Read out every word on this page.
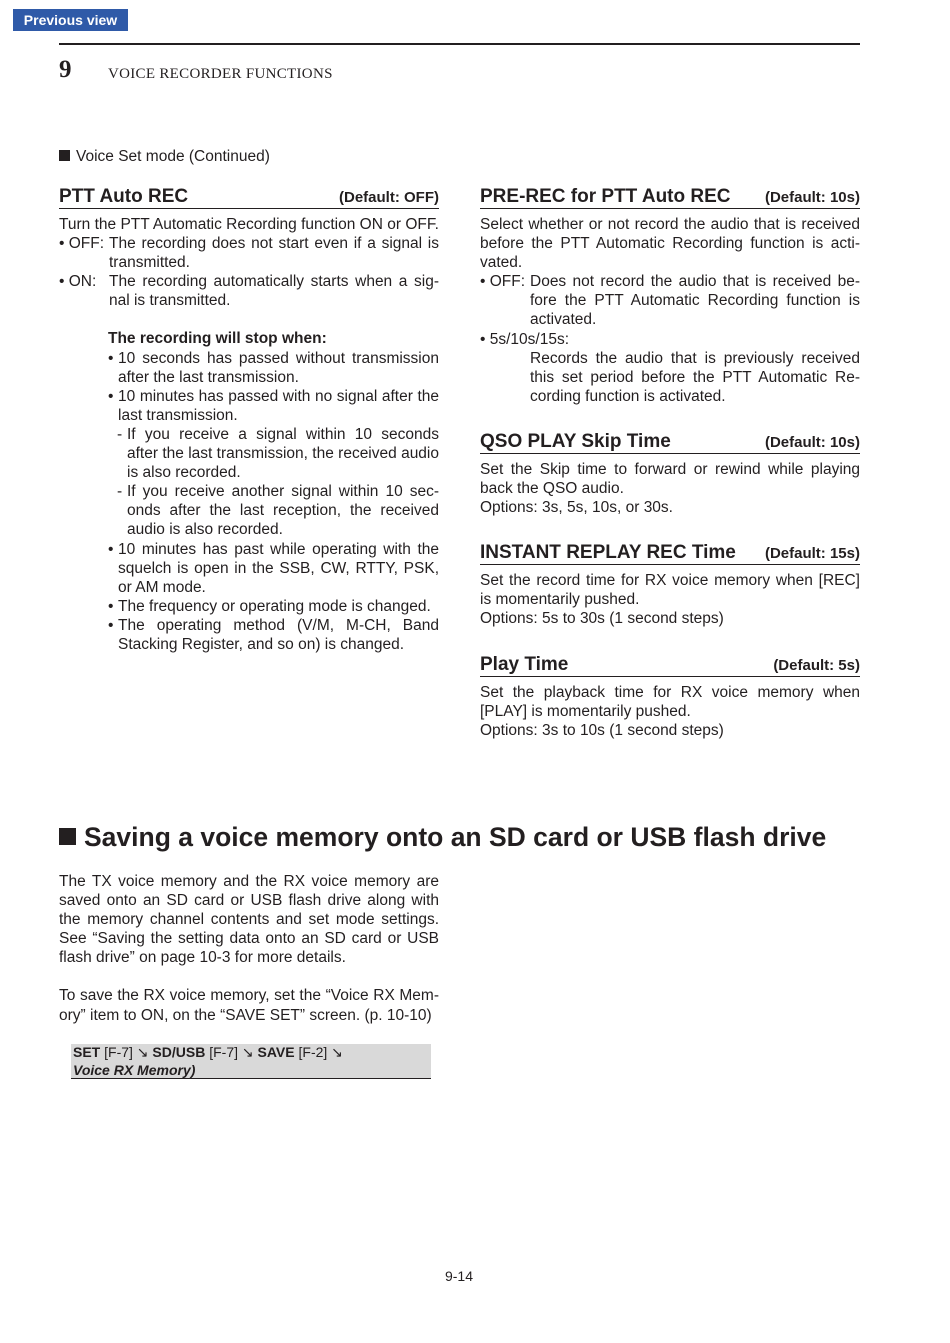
Previous view
9 VOICE RECORDER FUNCTIONS
Voice Set mode (Continued)
PTT Auto REC	(Default: OFF)
Turn the PTT Automatic Recording function ON or OFF.
• OFF: The recording does not start even if a signal is transmitted.
• ON: The recording automatically starts when a sig-nal is transmitted.
The recording will stop when:
• 10 seconds has passed without transmission after the last transmission.
• 10 minutes has passed with no signal after the last transmission.
- If you receive a signal within 10 seconds after the last transmission, the received audio is also recorded.
- If you receive another signal within 10 sec-onds after the last reception, the received audio is also recorded.
• 10 minutes has past while operating with the squelch is open in the SSB, CW, RTTY, PSK, or AM mode.
• The frequency or operating mode is changed.
• The operating method (V/M, M-CH, Band Stacking Register, and so on) is changed.
PRE-REC for PTT Auto REC (Default: 10s)
Select whether or not record the audio that is received before the PTT Automatic Recording function is acti-vated.
• OFF: Does not record the audio that is received be-fore the PTT Automatic Recording function is activated.
• 5s/10s/15s:
Records the audio that is previously received this set period before the PTT Automatic Re-cording function is activated.
QSO PLAY Skip Time	(Default: 10s)
Set the Skip time to forward or rewind while playing back the QSO audio.
Options: 3s, 5s, 10s, or 30s.
INSTANT REPLAY REC Time (Default: 15s)
Set the record time for RX voice memory when [REC] is momentarily pushed.
Options: 5s to 30s (1 second steps)
Play Time	(Default: 5s)
Set the playback time for RX voice memory when [PLAY] is momentarily pushed.
Options: 3s to 10s (1 second steps)
Saving a voice memory onto an SD card or USB flash drive
The TX voice memory and the RX voice memory are saved onto an SD card or USB flash drive along with the memory channel contents and set mode settings. See “Saving the setting data onto an SD card or USB flash drive” on page 10-3 for more details.
To save the RX voice memory, set the “Voice RX Mem-ory” item to ON, on the “SAVE SET” screen. (p. 10-10)
SET [F-7] ↘ SD/USB [F-7] ↘ SAVE [F-2] ↘
Voice RX Memory)
9-14
